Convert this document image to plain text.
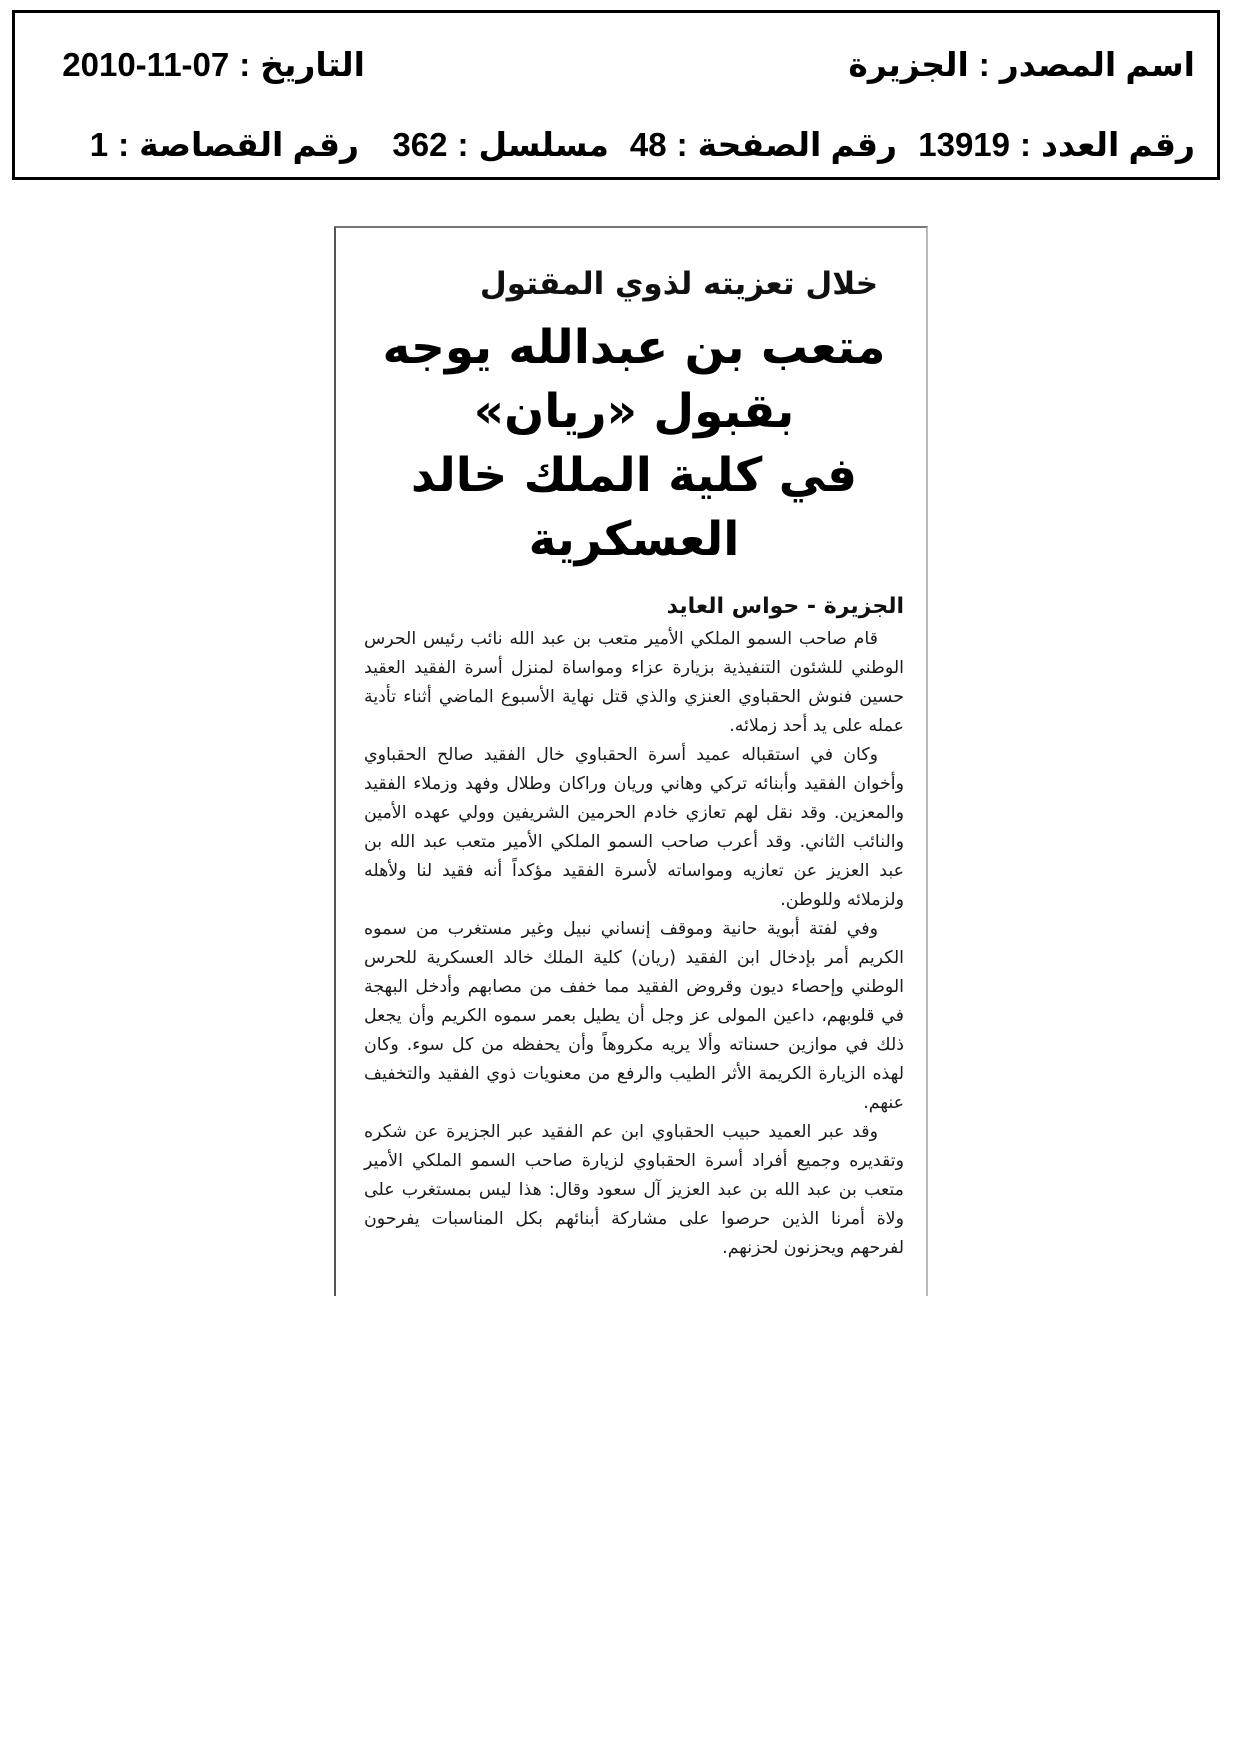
اسم المصدر:الجزيرة
التاريخ:2010-11-07
رقم العدد:13919
رقم الصفحة:48
مسلسل:362
رقم القصاصة:1
خلال تعزيته لذوي المقتول
متعب بن عبدالله يوجه بقبول «ريان»
في كلية الملك خالد العسكرية
الجزيرة - حواس العايد

قام صاحب السمو الملكي الأمير متعب بن عبد الله نائب رئيس الحرس الوطني للشئون التنفيذية بزيارة عزاء ومواساة لمنزل أسرة الفقيد العقيد حسين فنوش الحقباوي العنزي والذي قتل نهاية الأسبوع الماضي أثناء تأدية عمله على يد أحد زملائه.

وكان في استقباله عميد أسرة الحقباوي خال الفقيد صالح الحقباوي وأخوان الفقيد وأبنائه تركي وهاني وريان وراكان وطلال وفهد وزملاء الفقيد والمعزين. وقد نقل لهم تعازي خادم الحرمين الشريفين وولي عهده الأمين والنائب الثاني. وقد أعرب صاحب السمو الملكي الأمير متعب عبد الله بن عبد العزيز عن تعازيه ومواساته لأسرة الفقيد مؤكداً أنه فقيد لنا ولأهله ولزملائه وللوطن.

وفي لفتة أبوية حانية وموقف إنساني نبيل وغير مستغرب من سموه الكريم أمر بإدخال ابن الفقيد (ريان) كلية الملك خالد العسكرية للحرس الوطني وإحصاء ديون وقروض الفقيد مما خفف من مصابهم وأدخل البهجة في قلوبهم، داعين المولى عز وجل أن يطيل بعمر سموه الكريم وأن يجعل ذلك في موازين حسناته وألا يريه مكروهاً وأن يحفظه من كل سوء. وكان لهذه الزيارة الكريمة الأثر الطيب والرفع من معنويات ذوي الفقيد والتخفيف عنهم.

وقد عبر العميد حبيب الحقباوي ابن عم الفقيد عبر الجزيرة عن شكره وتقديره وجميع أفراد أسرة الحقباوي لزيارة صاحب السمو الملكي الأمير متعب بن عبد الله بن عبد العزيز آل سعود وقال: هذا ليس بمستغرب على ولاة أمرنا الذين حرصوا على مشاركة أبنائهم بكل المناسبات يفرحون لفرحهم ويحزنون لحزنهم.
